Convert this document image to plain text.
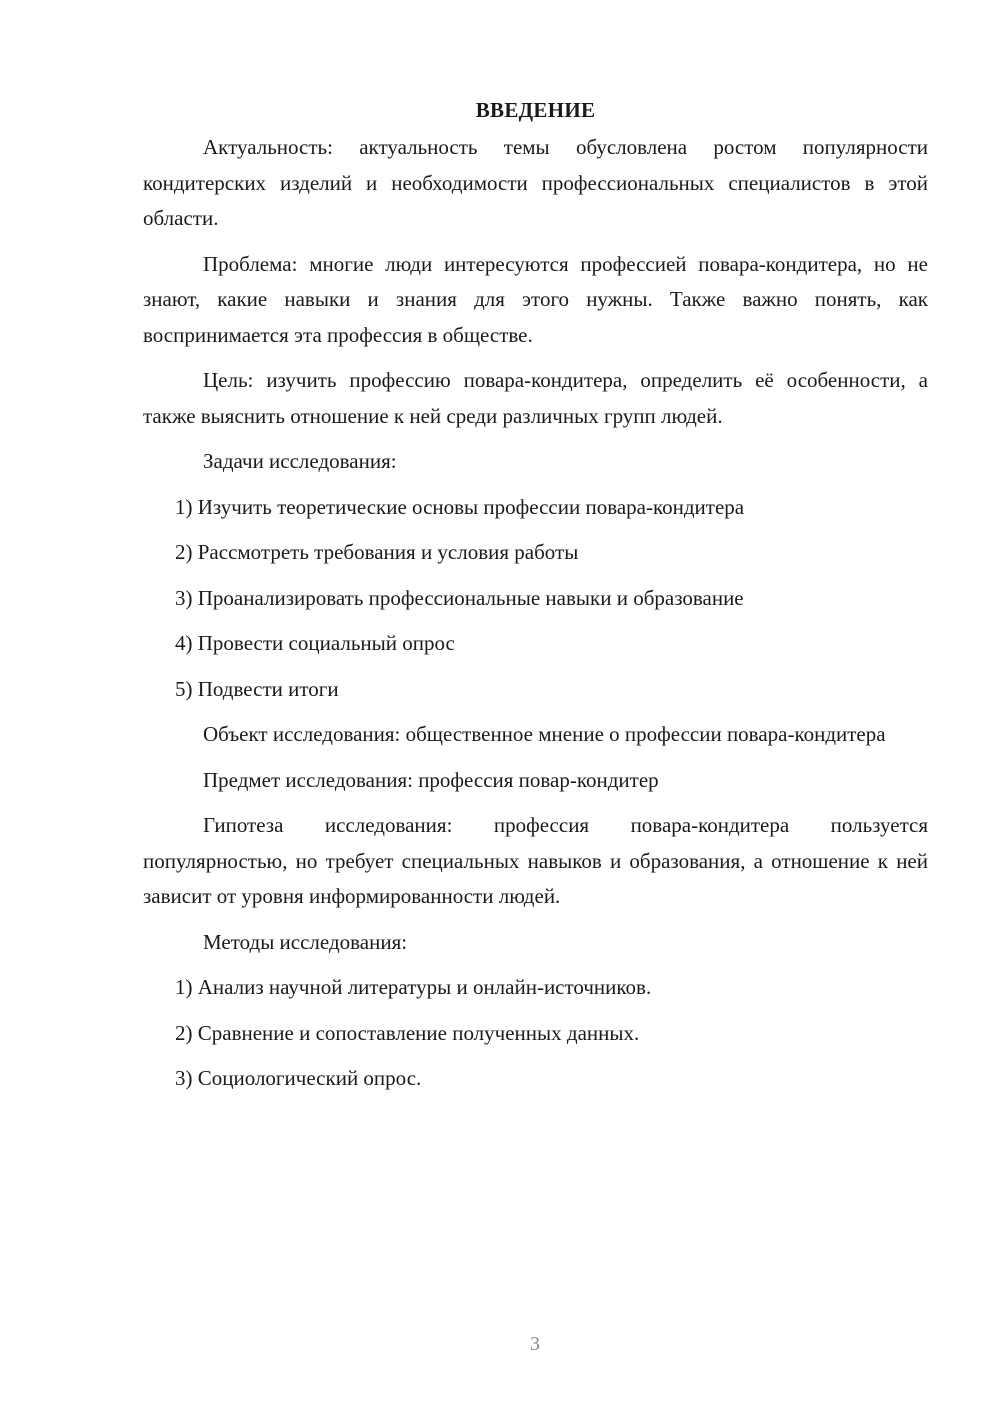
ВВЕДЕНИЕ

Актуальность: актуальность темы обусловлена ростом популярности кондитерских изделий и необходимости профессиональных специалистов в этой области.

Проблема: многие люди интересуются профессией повара-кондитера, но не знают, какие навыки и знания для этого нужны. Также важно понять, как воспринимается эта профессия в обществе.

Цель: изучить профессию повара-кондитера, определить её особенности, а также выяснить отношение к ней среди различных групп людей.

Задачи исследования:

1) Изучить теоретические основы профессии повара-кондитера

2) Рассмотреть требования и условия работы

3) Проанализировать профессиональные навыки и образование

4) Провести социальный опрос

5) Подвести итоги

Объект исследования: общественное мнение о профессии повара-кондитера

Предмет исследования: профессия повар-кондитер

Гипотеза исследования: профессия повара-кондитера пользуется популярностью, но требует специальных навыков и образования, а отношение к ней зависит от уровня информированности людей.

Методы исследования:

1) Анализ научной литературы и онлайн-источников.

2) Сравнение и сопоставление полученных данных.

3) Социологический опрос.

3
